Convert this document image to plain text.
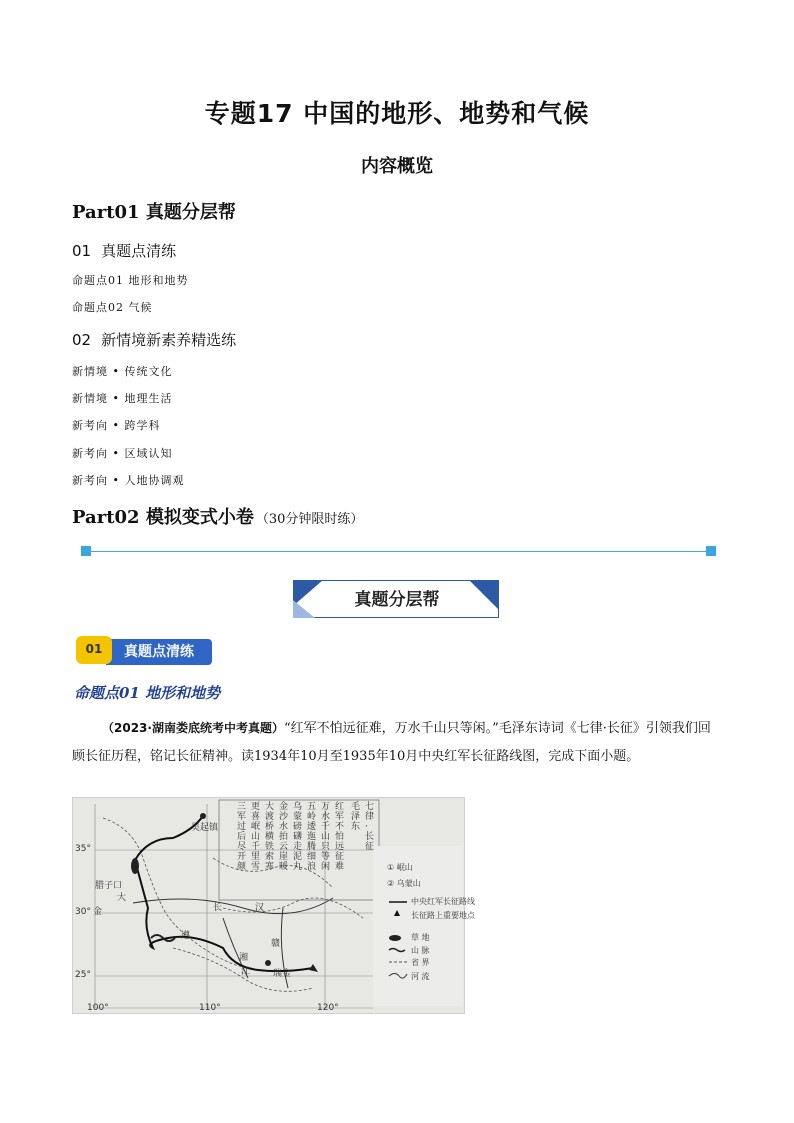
专题17 中国的地形、地势和气候
内容概览
Part01 真题分层帮
01 真题点清练
命题点01 地形和地势
命题点02 气候
02 新情境新素养精选练
新情境 • 传统文化
新情境 • 地理生活
新考向 • 跨学科
新考向 • 区域认知
新考向 • 人地协调观
Part02 模拟变式小卷 （30分钟限时练）
真题分层帮
真题点清练
01
命题点01 地形和地势
（2023·湖南娄底统考中考真题）“红军不怕远征难，万水千山只等闲。”毛泽东诗词《七律·长征》引领我们回顾长征历程，铭记长征精神。读1934年10月至1935年10月中央红军长征路线图，完成下面小题。
35°
30°
25°
100°	110°	120°
吴起镇
腊子口
金
大
遵
赣
湘
江	瑞金
长	汉
七律·长征
毛泽东
红军不怕远征难
万水千山只等闲
五岭逶迤腾细浪
乌蒙磅礴走泥丸
金沙水拍云崖暖
大渡桥横铁索寒
更喜岷山千里雪
三军过后尽开颜	① 岷山
② 乌蒙山
中央红军长征路线
长征路上重要地点
草 地
山 脉
省 界
河 流
